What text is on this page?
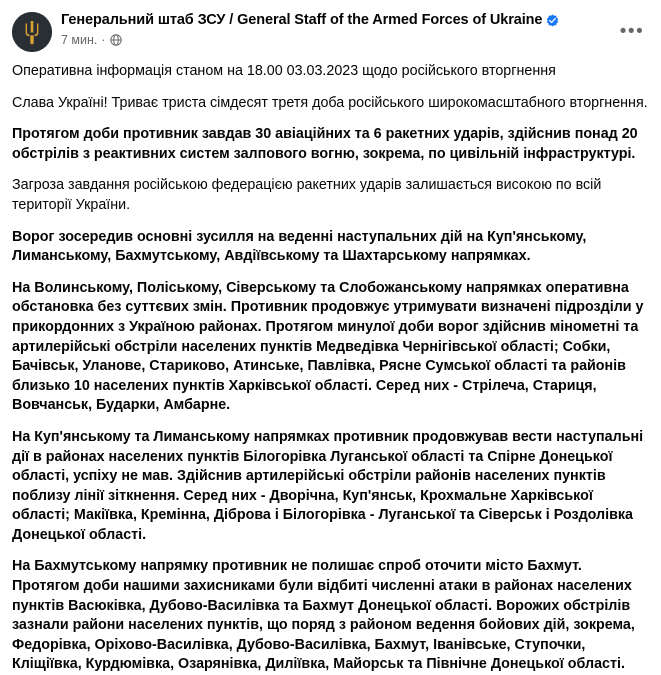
Генеральний штаб ЗСУ / General Staff of the Armed Forces of Ukraine
7 мин. ·	•••

Оперативна інформація станом на 18.00 03.03.2023 щодо російського вторгнення

Слава Україні! Триває триста сімдесят третя доба російського широкомасштабного вторгнення.

Протягом доби противник завдав 30 авіаційних та 6 ракетних ударів, здійснив понад 20 обстрілів з реактивних систем залпового вогню, зокрема, по цивільній інфраструктурі.

Загроза завдання російською федерацією ракетних ударів залишається високою по всій території України.

Ворог зосередив основні зусилля на веденні наступальних дій на Куп'янському, Лиманському, Бахмутському, Авдіївському та Шахтарському напрямках.

На Волинському, Поліському, Сіверському та Слобожанському напрямках оперативна обстановка без суттєвих змін. Противник продовжує утримувати визначені підрозділи у прикордонних з Україною районах. Протягом минулої доби ворог здійснив мінометні та артилерійські обстріли населених пунктів Медведівка Чернігівської області; Собки, Бачівськ, Уланове, Стариково, Атинське, Павлівка, Рясне Сумської області та районів близько 10 населених пунктів Харківської області. Серед них - Стрілеча, Стариця, Вовчанськ, Бударки, Амбарне.

На Куп'янському та Лиманському напрямках противник продовжував вести наступальні дії в районах населених пунктів Білогорівка Луганської області та Спірне Донецької області, успіху не мав. Здійснив артилерійські обстріли районів населених пунктів поблизу лінії зіткнення. Серед них - Дворічна, Куп'янськ, Крохмальне Харківської області; Макіївка, Кремінна, Діброва і Білогорівка - Луганської та Сіверськ і Роздолівка Донецької області.

На Бахмутському напрямку противник не полишає спроб оточити місто Бахмут. Протягом доби нашими захисниками були відбиті численні атаки в районах населених пунктів Васюківка, Дубово-Василівка та Бахмут Донецької області. Ворожих обстрілів зазнали райони населених пунктів, що поряд з районом ведення бойових дій, зокрема, Федорівка, Оріхово-Василівка, Дубово-Василівка, Бахмут, Іванівське, Ступочки, Кліщіївка, Курдюмівка, Озарянівка, Диліївка, Майорськ та Північне Донецької області.
